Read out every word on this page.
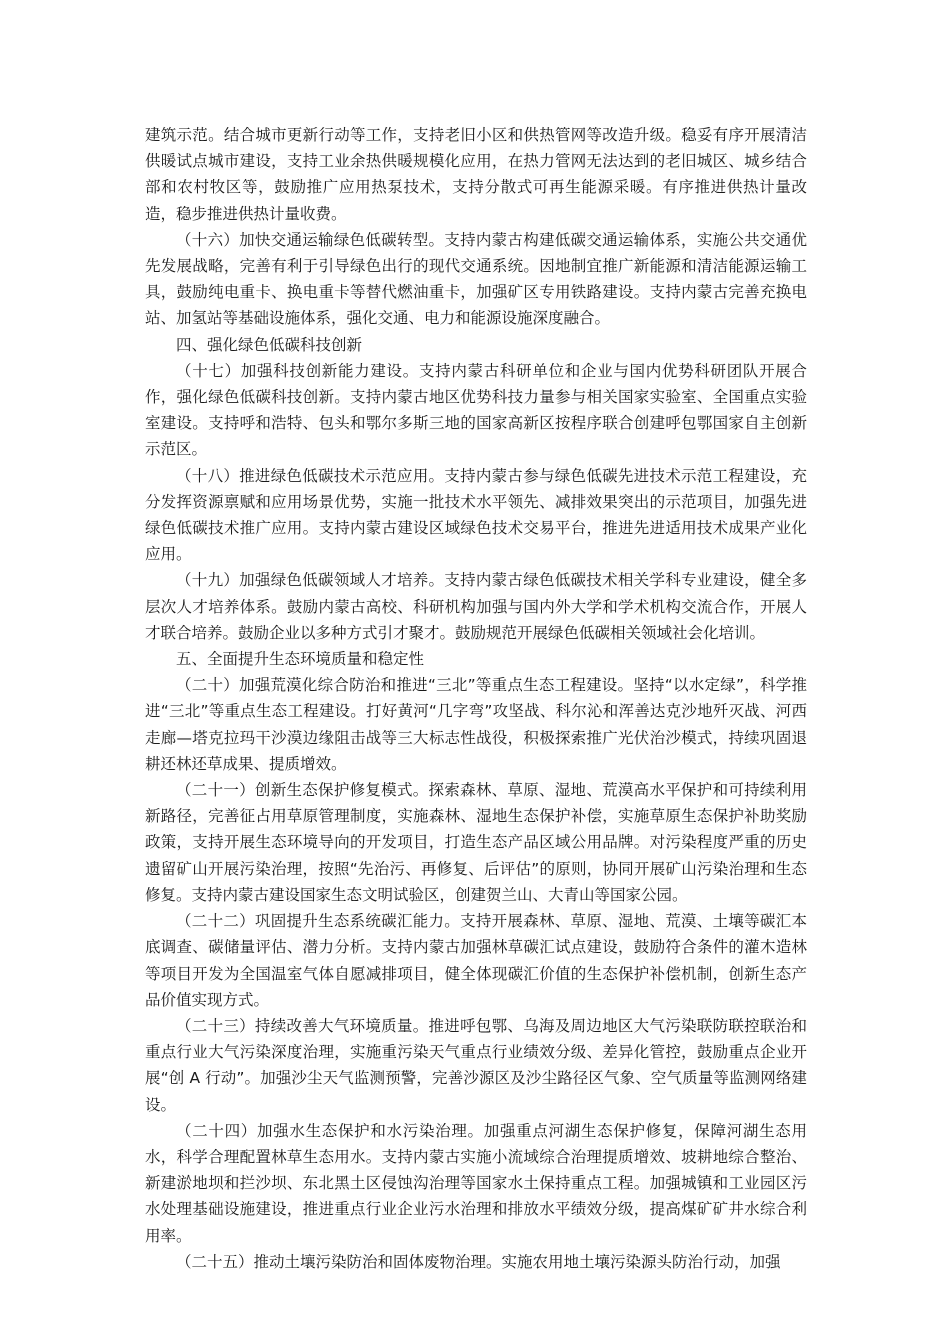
建筑示范。结合城市更新行动等工作，支持老旧小区和供热管网等改造升级。稳妥有序开展清洁供暖试点城市建设，支持工业余热供暖规模化应用，在热力管网无法达到的老旧城区、城乡结合部和农村牧区等，鼓励推广应用热泵技术，支持分散式可再生能源采暖。有序推进供热计量改造，稳步推进供热计量收费。

（十六）加快交通运输绿色低碳转型。支持内蒙古构建低碳交通运输体系，实施公共交通优先发展战略，完善有利于引导绿色出行的现代交通系统。因地制宜推广新能源和清洁能源运输工具，鼓励纯电重卡、换电重卡等替代燃油重卡，加强矿区专用铁路建设。支持内蒙古完善充换电站、加氢站等基础设施体系，强化交通、电力和能源设施深度融合。

四、强化绿色低碳科技创新

（十七）加强科技创新能力建设。支持内蒙古科研单位和企业与国内优势科研团队开展合作，强化绿色低碳科技创新。支持内蒙古地区优势科技力量参与相关国家实验室、全国重点实验室建设。支持呼和浩特、包头和鄂尔多斯三地的国家高新区按程序联合创建呼包鄂国家自主创新示范区。

（十八）推进绿色低碳技术示范应用。支持内蒙古参与绿色低碳先进技术示范工程建设，充分发挥资源禀赋和应用场景优势，实施一批技术水平领先、减排效果突出的示范项目，加强先进绿色低碳技术推广应用。支持内蒙古建设区域绿色技术交易平台，推进先进适用技术成果产业化应用。

（十九）加强绿色低碳领域人才培养。支持内蒙古绿色低碳技术相关学科专业建设，健全多层次人才培养体系。鼓励内蒙古高校、科研机构加强与国内外大学和学术机构交流合作，开展人才联合培养。鼓励企业以多种方式引才聚才。鼓励规范开展绿色低碳相关领域社会化培训。

五、全面提升生态环境质量和稳定性

（二十）加强荒漠化综合防治和推进“三北”等重点生态工程建设。坚持“以水定绿”，科学推进“三北”等重点生态工程建设。打好黄河“几字弯”攻坚战、科尔沁和浑善达克沙地歼灭战、河西走廊—塔克拉玛干沙漠边缘阻击战等三大标志性战役，积极探索推广光伏治沙模式，持续巩固退耕还林还草成果、提质增效。

（二十一）创新生态保护修复模式。探索森林、草原、湿地、荒漠高水平保护和可持续利用新路径，完善征占用草原管理制度，实施森林、湿地生态保护补偿，实施草原生态保护补助奖励政策，支持开展生态环境导向的开发项目，打造生态产品区域公用品牌。对污染程度严重的历史遗留矿山开展污染治理，按照“先治污、再修复、后评估”的原则，协同开展矿山污染治理和生态修复。支持内蒙古建设国家生态文明试验区，创建贺兰山、大青山等国家公园。

（二十二）巩固提升生态系统碳汇能力。支持开展森林、草原、湿地、荒漠、土壤等碳汇本底调查、碳储量评估、潜力分析。支持内蒙古加强林草碳汇试点建设，鼓励符合条件的灌木造林等项目开发为全国温室气体自愿减排项目，健全体现碳汇价值的生态保护补偿机制，创新生态产品价值实现方式。

（二十三）持续改善大气环境质量。推进呼包鄂、乌海及周边地区大气污染联防联控联治和重点行业大气污染深度治理，实施重污染天气重点行业绩效分级、差异化管控，鼓励重点企业开展“创 A 行动”。加强沙尘天气监测预警，完善沙源区及沙尘路径区气象、空气质量等监测网络建设。

（二十四）加强水生态保护和水污染治理。加强重点河湖生态保护修复，保障河湖生态用水，科学合理配置林草生态用水。支持内蒙古实施小流域综合治理提质增效、坡耕地综合整治、新建淤地坝和拦沙坝、东北黑土区侵蚀沟治理等国家水土保持重点工程。加强城镇和工业园区污水处理基础设施建设，推进重点行业企业污水治理和排放水平绩效分级，提高煤矿矿井水综合利用率。

（二十五）推动土壤污染防治和固体废物治理。实施农用地土壤污染源头防治行动，加强
